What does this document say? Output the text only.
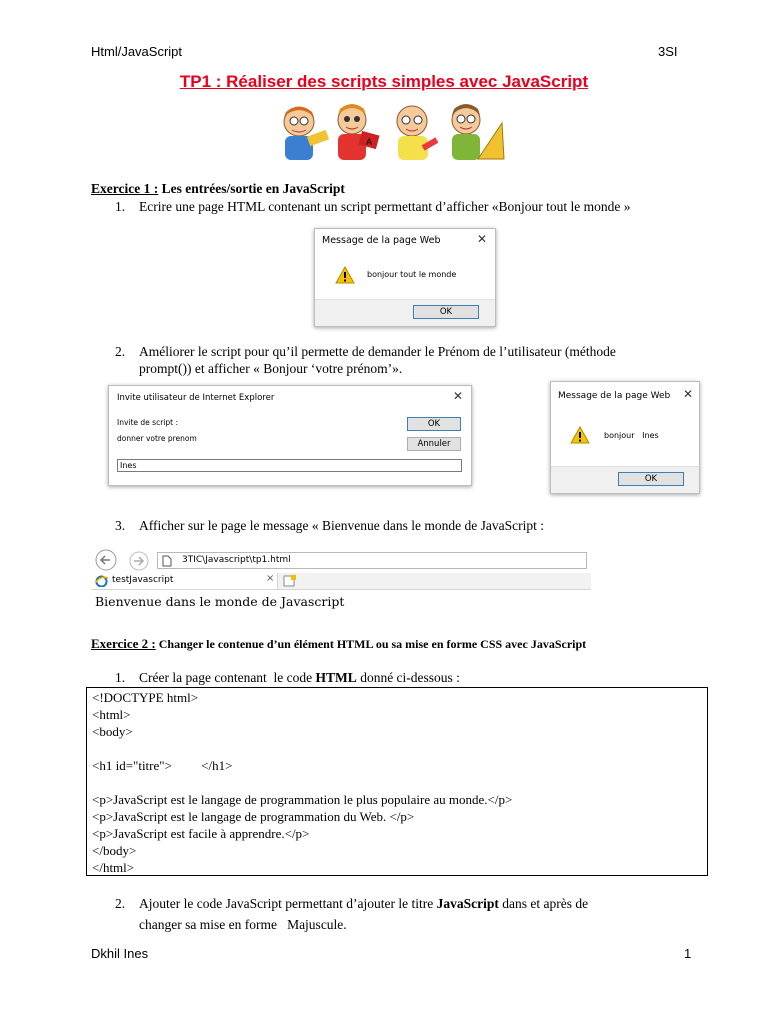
Html/JavaScript	3SI
TP1 : Réaliser des scripts simples avec JavaScript
A
Exercice 1 : Les entrées/sortie en JavaScript
1. Ecrire une page HTML contenant un script permettant d’afficher «Bonjour tout le monde »
Message de la page Web	✕
bonjour tout le monde
OK
2. Améliorer le script pour qu’il permette de demander le Prénom de l’utilisateur (méthode
prompt()) et afficher « Bonjour ‘votre prénom’».
Invite utilisateur de Internet Explorer	✕
Invite de script :
donner votre prenom
OK
Annuler
Ines
Message de la page Web ✕
bonjour   Ines
OK
3. Afficher sur le page le message « Bienvenue dans le monde de JavaScript :
3TIC\Javascript\tp1.html
testJavascript	×
Bienvenue dans le monde de Javascript
Exercice 2 : Changer le contenue d’un élément HTML ou sa mise en forme CSS avec JavaScript
1. Créer la page contenant  le code HTML donné ci-dessous :
<!DOCTYPE html>
<html>
<body>
<h1 id="titre">         </h1>
<p>JavaScript est le langage de programmation le plus populaire au monde.</p>
<p>JavaScript est le langage de programmation du Web. </p>
<p>JavaScript est facile à apprendre.</p>
</body>
</html>
2. Ajouter le code JavaScript permettant d’ajouter le titre JavaScript dans et après de
changer sa mise en forme   Majuscule.
Dkhil Ines	1
